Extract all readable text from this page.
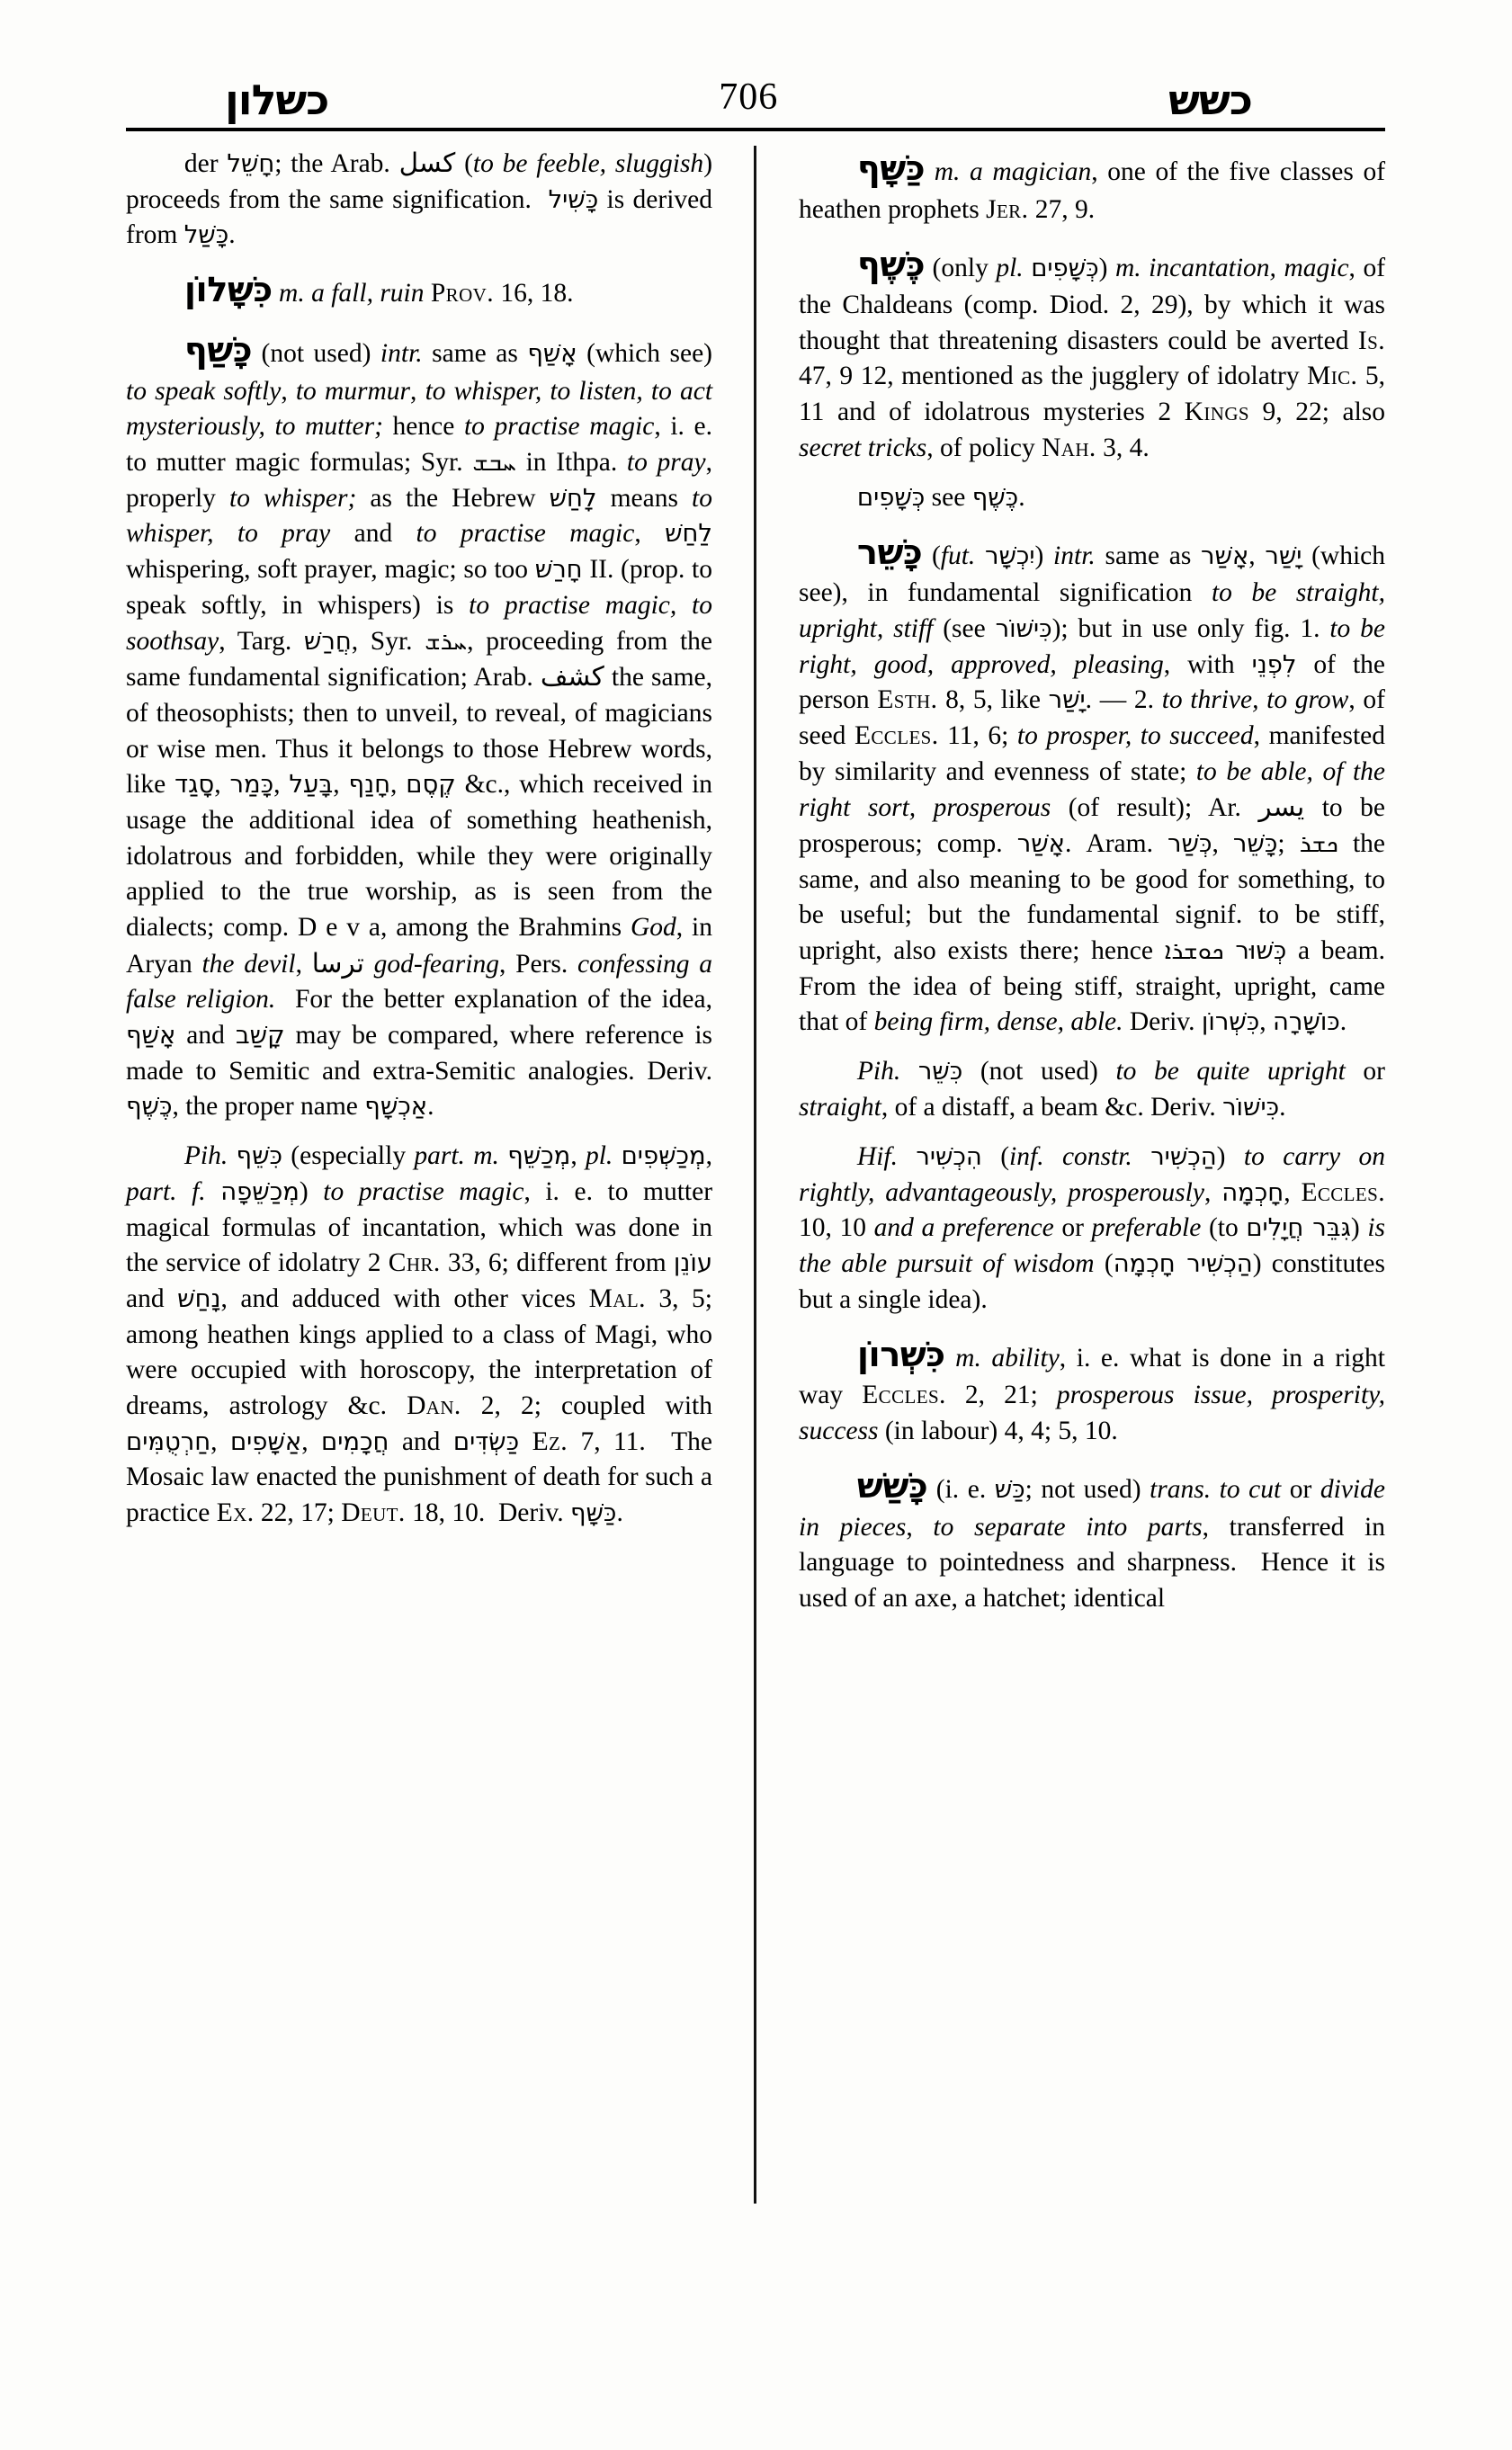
כשלון	706	כשש

der חָשֵׁל; the Arab. كسل (to be feeble, sluggish) proceeds from the same signification.  כָּשִׁיל is derived from כָּשַׁל.

כִּשָּׁלוֹן m. a fall, ruin Prov. 16, 18.

כָּשַׁף (not used) intr. same as אָשַׁף (which see) to speak softly, to murmur, to whisper, to listen, to act mysteriously, to mutter; hence to practise magic, i. e. to mutter magic formulas; Syr. ܚܒܫ in Ithpa. to pray, properly to whisper; as the Hebrew לָחַשׁ means to whisper, to pray and to practise magic, לַחַשׁ whispering, soft prayer, magic; so too חָרַשׁ II. (prop. to speak softly, in whispers) is to practise magic, to soothsay, Targ. חֲרַשׁ, Syr. ܚܪܫ, proceeding from the same fundamental signification; Arab. كشف the same, of theosophists; then to unveil, to reveal, of magicians or wise men. Thus it belongs to those Hebrew words, like סָגַד, כָּמַר, בָּעַל, חָנַף, קֶסֶם &c., which received in usage the additional idea of something heathenish, idolatrous and forbidden, while they were originally applied to the true worship, as is seen from the dialects; comp. D e v a, among the Brahmins God, in Aryan the devil, ترسا god-fearing, Pers. confessing a false religion.  For the better explanation of the idea, אָשַׁף and קָשַׁב may be compared, where reference is made to Semitic and extra-Semitic analogies. Deriv. כֶּשֶׁף, the proper name אַכְשָׁף.

Pih. כִּשֵּׁף (especially part. m. מְכַשֵּׁף, pl. מְכַשְּׁפִים, part. f. מְכַשֵּׁפָה) to practise magic, i. e. to mutter magical formulas of incantation, which was done in the service of idolatry 2 Chr. 33, 6; different from עוֹנֵן and נָחַשׁ, and adduced with other vices Mal. 3, 5; among heathen kings applied to a class of Magi, who were occupied with horoscopy, the interpretation of dreams, astrology &c. Dan. 2, 2; coupled with חַרְטֻמִּים, אַשָּׁפִים, חֲכָמִים and כַּשְׂדִּים Ez. 7, 11.  The Mosaic law enacted the punishment of death for such a practice Ex. 22, 17; Deut. 18, 10.  Deriv. כַּשָּׁף.

כַּשָּׁף m. a magician, one of the five classes of heathen prophets Jer. 27, 9.

כֶּשֶׁף (only pl. כְּשָׁפִים) m. incantation, magic, of the Chaldeans (comp. Diod. 2, 29), by which it was thought that threatening disasters could be averted Is. 47, 9 12, mentioned as the jugglery of idolatry Mic. 5, 11 and of idolatrous mysteries 2 Kings 9, 22; also secret tricks, of policy Nah. 3, 4.

כְּשָׁפִים see כֶּשֶׁף.

כָּשֵׁר (fut. יִכְשָׁר) intr. same as אָשַׁר, יָשַׁר (which see), in fundamental signification to be straight, upright, stiff (see כִּישׁוֹר); but in use only fig. 1. to be right, good, approved, pleasing, with לִפְנֵי of the person Esth. 8, 5, like יָשַׁר. — 2. to thrive, to grow, of seed Eccles. 11, 6; to prosper, to succeed, manifested by similarity and evenness of state; to be able, of the right sort, prosperous (of result); Ar. يسر to be prosperous; comp. אָשַׁר. Aram. כְּשַׁר, כָּשֵׁר; ܟܫܪ the same, and also meaning to be good for something, to be useful; but the fundamental signif. to be stiff, upright, also exists there; hence ܟܘܫܪܐ כְּשׁוּר a beam. From the idea of being stiff, straight, upright, came that of being firm, dense, able. Deriv. כִּשְׁרוֹן, כּוֹשָׁרָה.

Pih. כִּשֵּׁר (not used) to be quite upright or straight, of a distaff, a beam &c. Deriv. כִּישׁוֹר.

Hif. הִכְשִׁיר (inf. constr. הַכְשִׁיר) to carry on rightly, advantageously, prosperously, חָכְמָה, Eccles. 10, 10 and a preference or preferable (to גִּבֵּר חֲיָלִים) is the able pursuit of wisdom (הַכְשִׁיר חָכְמָה) constitutes but a single idea).

כִּשְׁרוֹן m. ability, i. e. what is done in a right way Eccles. 2, 21; prosperous issue, prosperity, success (in labour) 4, 4; 5, 10.

כָּשַׁשׁ (i. e. כַּשׁ; not used) trans. to cut or divide in pieces, to separate into parts, transferred in language to pointedness and sharpness.  Hence it is used of an axe, a hatchet; identical
